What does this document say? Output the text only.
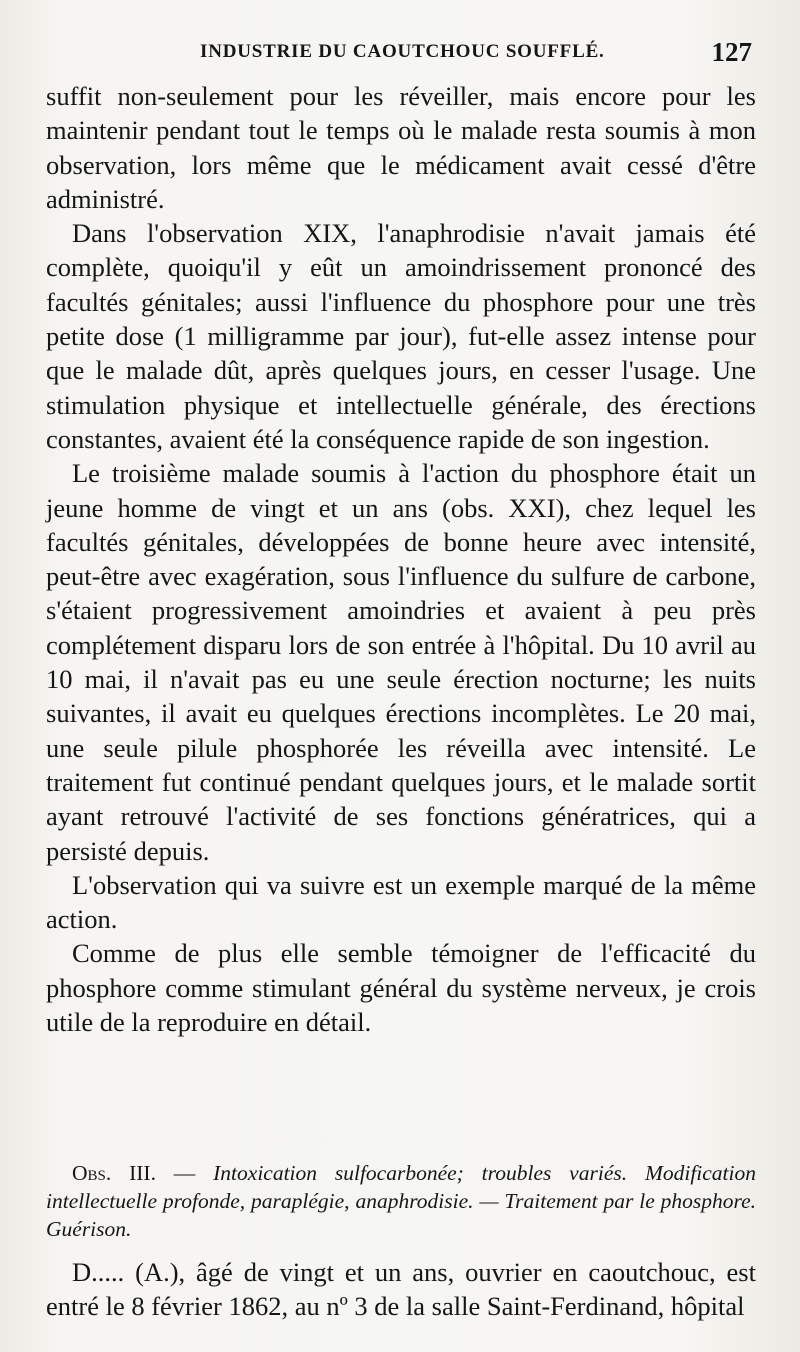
INDUSTRIE DU CAOUTCHOUC SOUFFLÉ.	127

suffit non-seulement pour les réveiller, mais encore pour les maintenir pendant tout le temps où le malade resta soumis à mon observation, lors même que le médicament avait cessé d'être administré.

Dans l'observation XIX, l'anaphrodisie n'avait jamais été complète, quoiqu'il y eût un amoindrissement prononcé des facultés génitales; aussi l'influence du phosphore pour une très petite dose (1 milligramme par jour), fut-elle assez intense pour que le malade dût, après quelques jours, en cesser l'usage. Une stimulation physique et intellectuelle générale, des érections constantes, avaient été la conséquence rapide de son ingestion.

Le troisième malade soumis à l'action du phosphore était un jeune homme de vingt et un ans (obs. XXI), chez lequel les facultés génitales, développées de bonne heure avec intensité, peut-être avec exagération, sous l'influence du sulfure de carbone, s'étaient progressivement amoindries et avaient à peu près complétement disparu lors de son entrée à l'hôpital. Du 10 avril au 10 mai, il n'avait pas eu une seule érection nocturne; les nuits suivantes, il avait eu quelques érections incomplètes. Le 20 mai, une seule pilule phosphorée les réveilla avec intensité. Le traitement fut continué pendant quelques jours, et le malade sortit ayant retrouvé l'activité de ses fonctions génératrices, qui a persisté depuis.

L'observation qui va suivre est un exemple marqué de la même action.

Comme de plus elle semble témoigner de l'efficacité du phosphore comme stimulant général du système nerveux, je crois utile de la reproduire en détail.

Obs. III. — Intoxication sulfocarbonée; troubles variés. Modification intellectuelle profonde, paraplégie, anaphrodisie. — Traitement par le phosphore. Guérison.
D..... (A.), âgé de vingt et un ans, ouvrier en caoutchouc, est entré le 8 février 1862, au nº 3 de la salle Saint-Ferdinand, hôpital
